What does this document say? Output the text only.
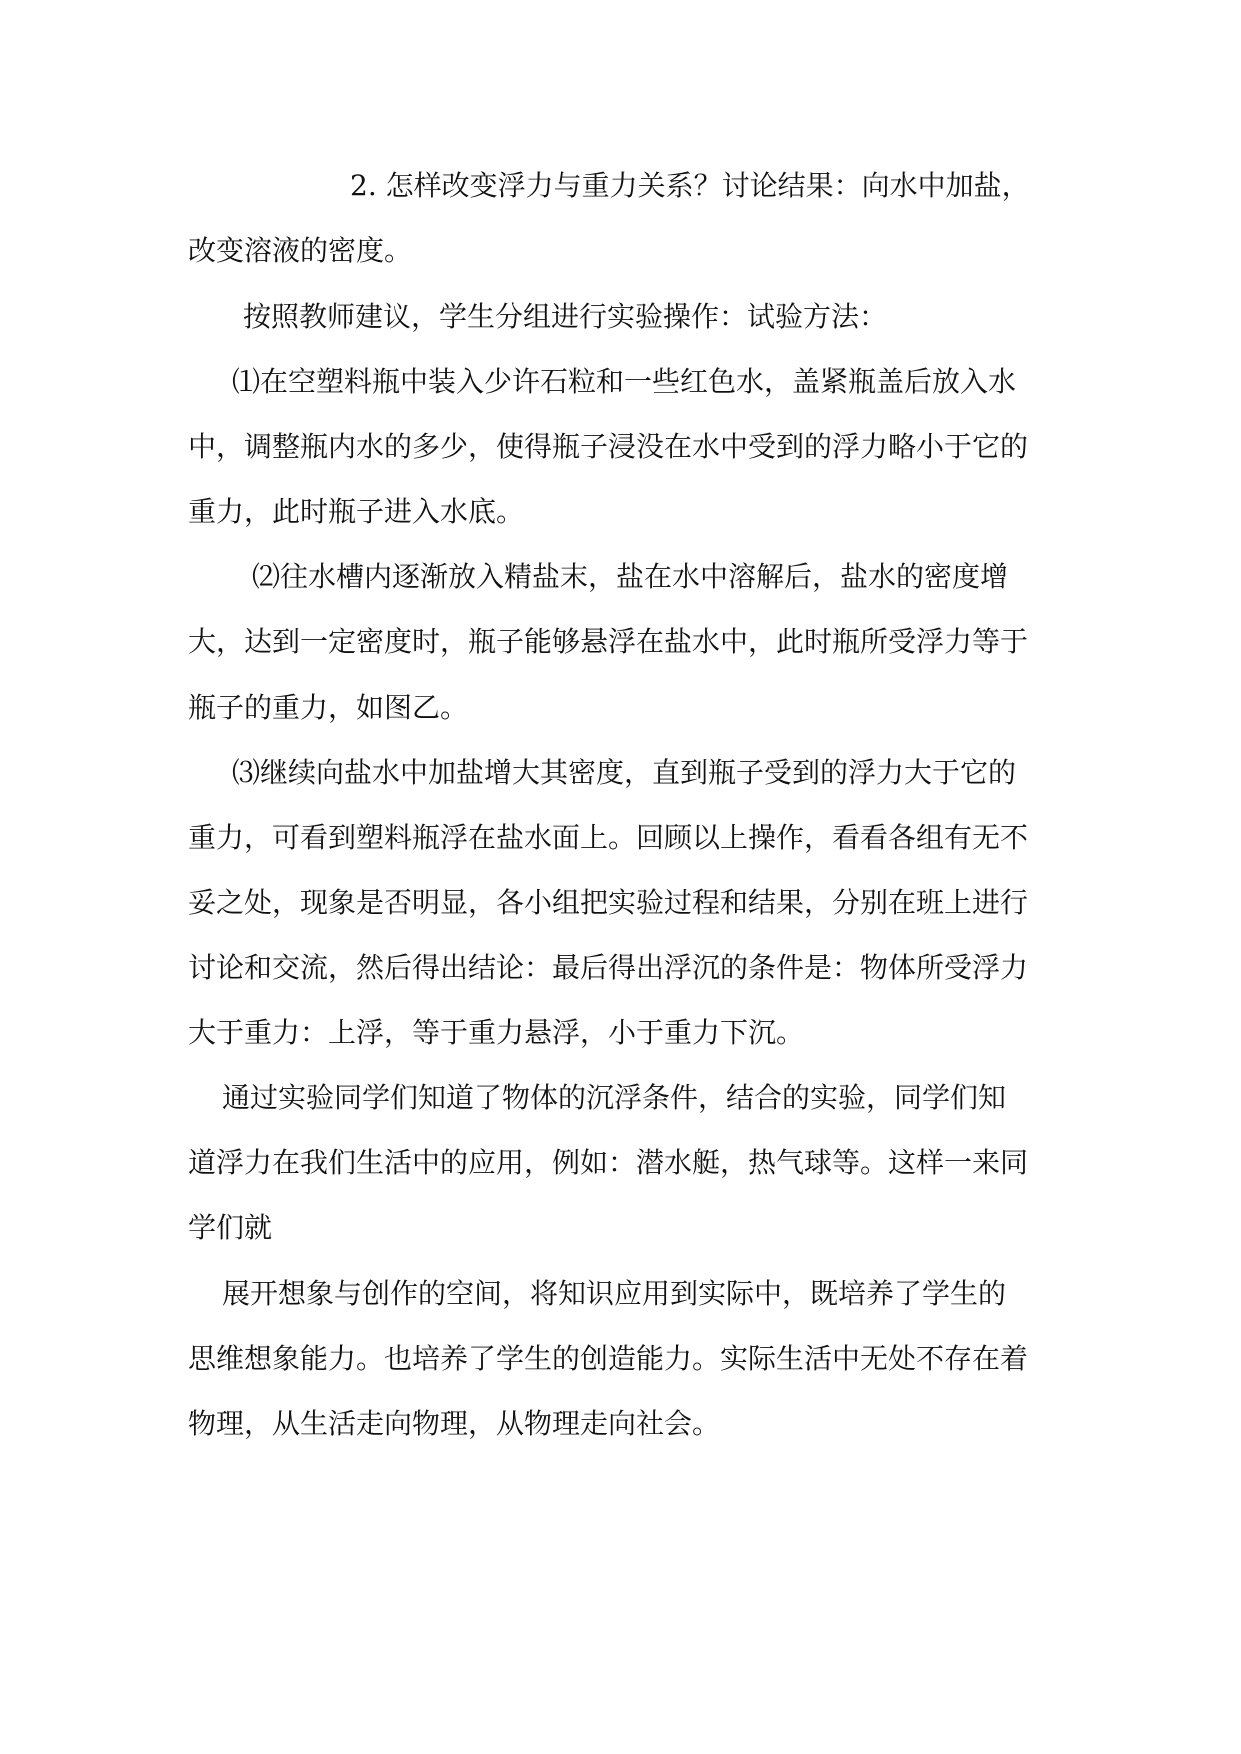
2. 怎样改变浮力与重力关系？讨论结果：向水中加盐，

改变溶液的密度。

按照教师建议，学生分组进行实验操作：试验方法：

⑴在空塑料瓶中装入少许石粒和一些红色水，盖紧瓶盖后放入水

中，调整瓶内水的多少，使得瓶子浸没在水中受到的浮力略小于它的

重力，此时瓶子进入水底。

⑵往水槽内逐渐放入精盐末，盐在水中溶解后，盐水的密度增

大，达到一定密度时，瓶子能够悬浮在盐水中，此时瓶所受浮力等于

瓶子的重力，如图乙。

⑶继续向盐水中加盐增大其密度，直到瓶子受到的浮力大于它的

重力，可看到塑料瓶浮在盐水面上。回顾以上操作，看看各组有无不

妥之处，现象是否明显，各小组把实验过程和结果，分别在班上进行

讨论和交流，然后得出结论：最后得出浮沉的条件是：物体所受浮力

大于重力：上浮，等于重力悬浮，小于重力下沉。

通过实验同学们知道了物体的沉浮条件，结合的实验，同学们知

道浮力在我们生活中的应用，例如：潜水艇，热气球等。这样一来同

学们就

展开想象与创作的空间，将知识应用到实际中，既培养了学生的

思维想象能力。也培养了学生的创造能力。实际生活中无处不存在着

物理，从生活走向物理，从物理走向社会。
